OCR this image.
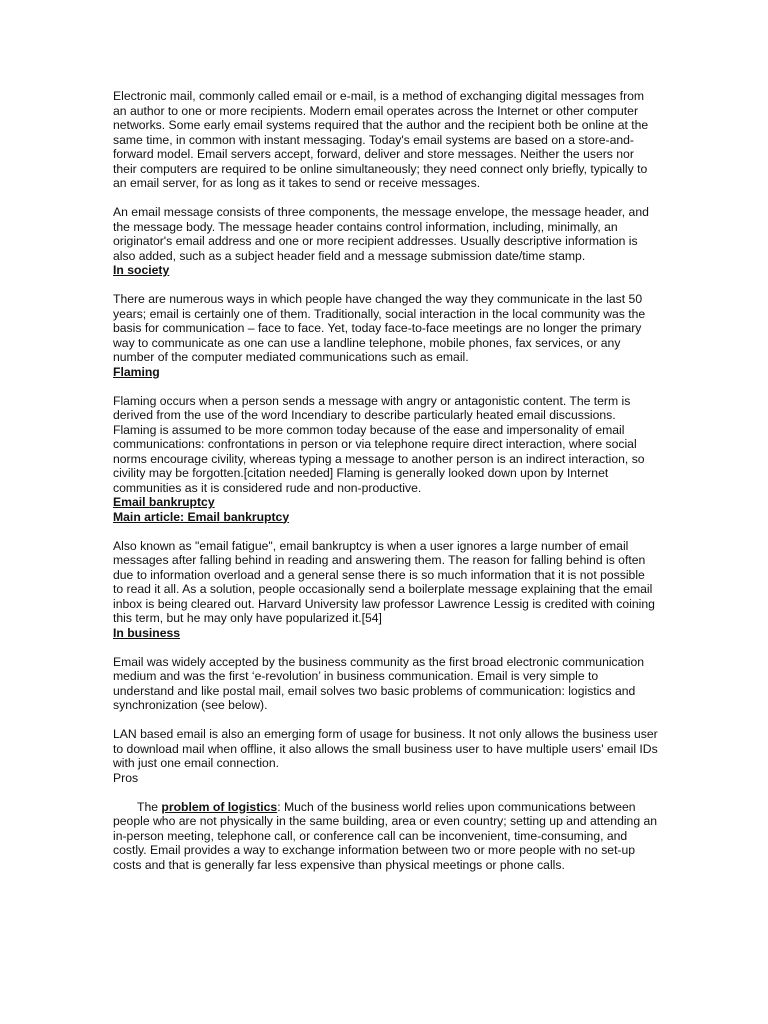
Electronic mail, commonly called email or e-mail, is a method of exchanging digital messages from an author to one or more recipients. Modern email operates across the Internet or other computer networks. Some early email systems required that the author and the recipient both be online at the same time, in common with instant messaging. Today's email systems are based on a store-and-forward model. Email servers accept, forward, deliver and store messages. Neither the users nor their computers are required to be online simultaneously; they need connect only briefly, typically to an email server, for as long as it takes to send or receive messages.

An email message consists of three components, the message envelope, the message header, and the message body. The message header contains control information, including, minimally, an originator's email address and one or more recipient addresses. Usually descriptive information is also added, such as a subject header field and a message submission date/time stamp.

In society

There are numerous ways in which people have changed the way they communicate in the last 50 years; email is certainly one of them. Traditionally, social interaction in the local community was the basis for communication – face to face. Yet, today face-to-face meetings are no longer the primary way to communicate as one can use a landline telephone, mobile phones, fax services, or any number of the computer mediated communications such as email.

Flaming

Flaming occurs when a person sends a message with angry or antagonistic content. The term is derived from the use of the word Incendiary to describe particularly heated email discussions. Flaming is assumed to be more common today because of the ease and impersonality of email communications: confrontations in person or via telephone require direct interaction, where social norms encourage civility, whereas typing a message to another person is an indirect interaction, so civility may be forgotten.[citation needed] Flaming is generally looked down upon by Internet communities as it is considered rude and non-productive.

Email bankruptcy
Main article: Email bankruptcy

Also known as "email fatigue", email bankruptcy is when a user ignores a large number of email messages after falling behind in reading and answering them. The reason for falling behind is often due to information overload and a general sense there is so much information that it is not possible to read it all. As a solution, people occasionally send a boilerplate message explaining that the email inbox is being cleared out. Harvard University law professor Lawrence Lessig is credited with coining this term, but he may only have popularized it.[54]

In business

Email was widely accepted by the business community as the first broad electronic communication medium and was the first ‘e-revolution’ in business communication. Email is very simple to understand and like postal mail, email solves two basic problems of communication: logistics and synchronization (see below).

LAN based email is also an emerging form of usage for business. It not only allows the business user to download mail when offline, it also allows the small business user to have multiple users' email IDs with just one email connection.

Pros

The problem of logistics: Much of the business world relies upon communications between people who are not physically in the same building, area or even country; setting up and attending an in-person meeting, telephone call, or conference call can be inconvenient, time-consuming, and costly. Email provides a way to exchange information between two or more people with no set-up costs and that is generally far less expensive than physical meetings or phone calls.
